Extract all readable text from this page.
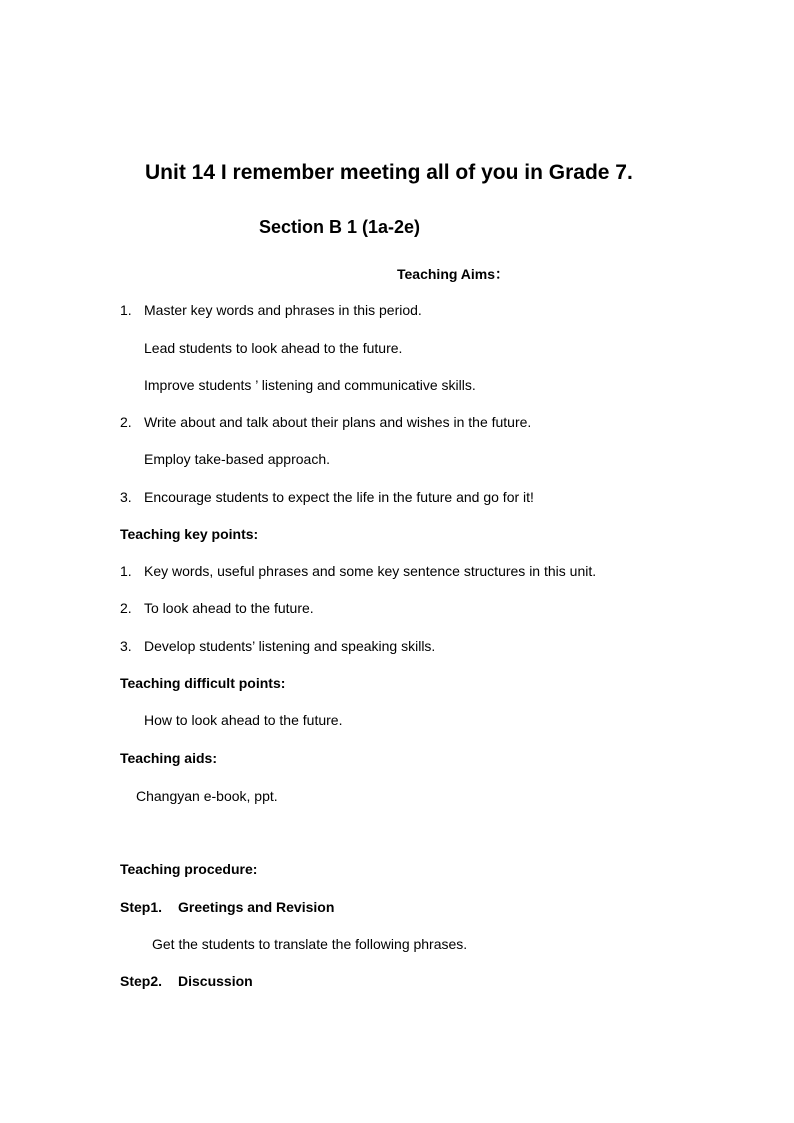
Unit 14 I remember meeting all of you in Grade 7.
Section B 1 (1a-2e)
Teaching Aims：
1. Master key words and phrases in this period.
Lead students to look ahead to the future.
Improve students ’ listening and communicative skills.
2. Write about and talk about their plans and wishes in the future.
Employ take-based approach.
3. Encourage students to expect the life in the future and go for it!
Teaching key points:
1. Key words, useful phrases and some key sentence structures in this unit.
2. To look ahead to the future.
3. Develop students’ listening and speaking skills.
Teaching difficult points:
How to look ahead to the future.
Teaching aids:
Changyan e-book, ppt.
Teaching procedure:
Step1. Greetings and Revision
Get the students to translate the following phrases.
Step2. Discussion
